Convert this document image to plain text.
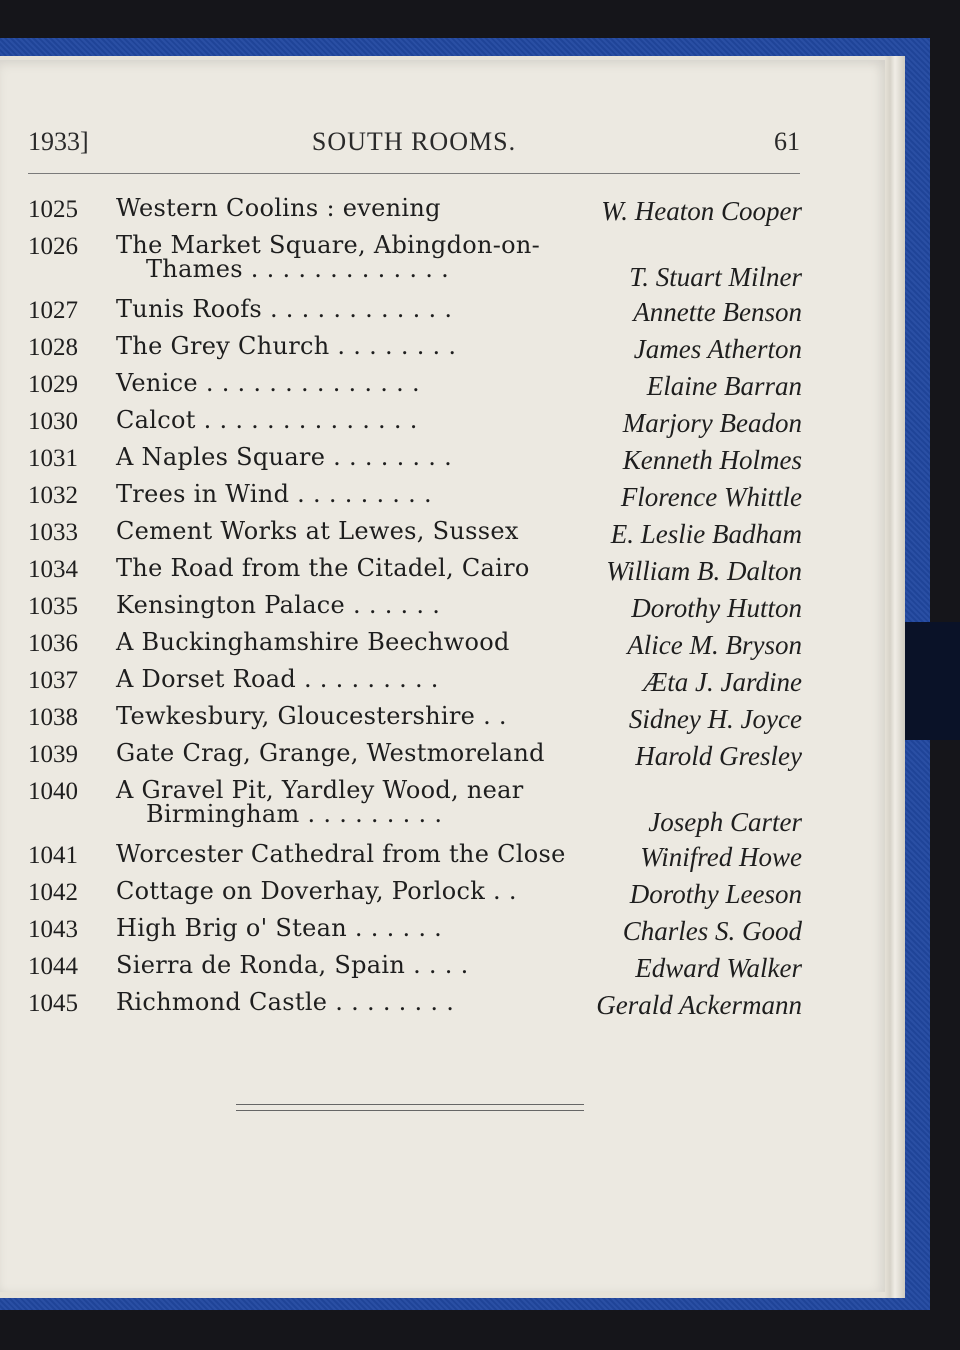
SOUTH ROOMS.
1933]	61
1025 Western Coolins : evening	W. Heaton Cooper
1026 The Market Square, Abingdon-on-
Thames . . . . . . . . . . . . .	T. Stuart Milner
1027 Tunis Roofs . . . . . . . . . . . .	Annette Benson
1028 The Grey Church . . . . . . . .	James Atherton
1029 Venice . . . . . . . . . . . . . .	Elaine Barran
1030 Calcot . . . . . . . . . . . . . .	Marjory Beadon
1031 A Naples Square . . . . . . . .	Kenneth Holmes
1032 Trees in Wind . . . . . . . . .	Florence Whittle
1033 Cement Works at Lewes, Sussex	E. Leslie Badham
1034 The Road from the Citadel, Cairo	William B. Dalton
1035 Kensington Palace . . . . . .	Dorothy Hutton
1036 A Buckinghamshire Beechwood	Alice M. Bryson
1037 A Dorset Road . . . . . . . . .	Æta J. Jardine
1038 Tewkesbury, Gloucestershire . .	Sidney H. Joyce
1039 Gate Crag, Grange, Westmoreland	Harold Gresley
1040 A Gravel Pit, Yardley Wood, near
Birmingham . . . . . . . . .	Joseph Carter
1041 Worcester Cathedral from the Close	Winifred Howe
1042 Cottage on Doverhay, Porlock . .	Dorothy Leeson
1043 High Brig o' Stean . . . . . .	Charles S. Good
1044 Sierra de Ronda, Spain . . . .	Edward Walker
1045 Richmond Castle . . . . . . . .	Gerald Ackermann
